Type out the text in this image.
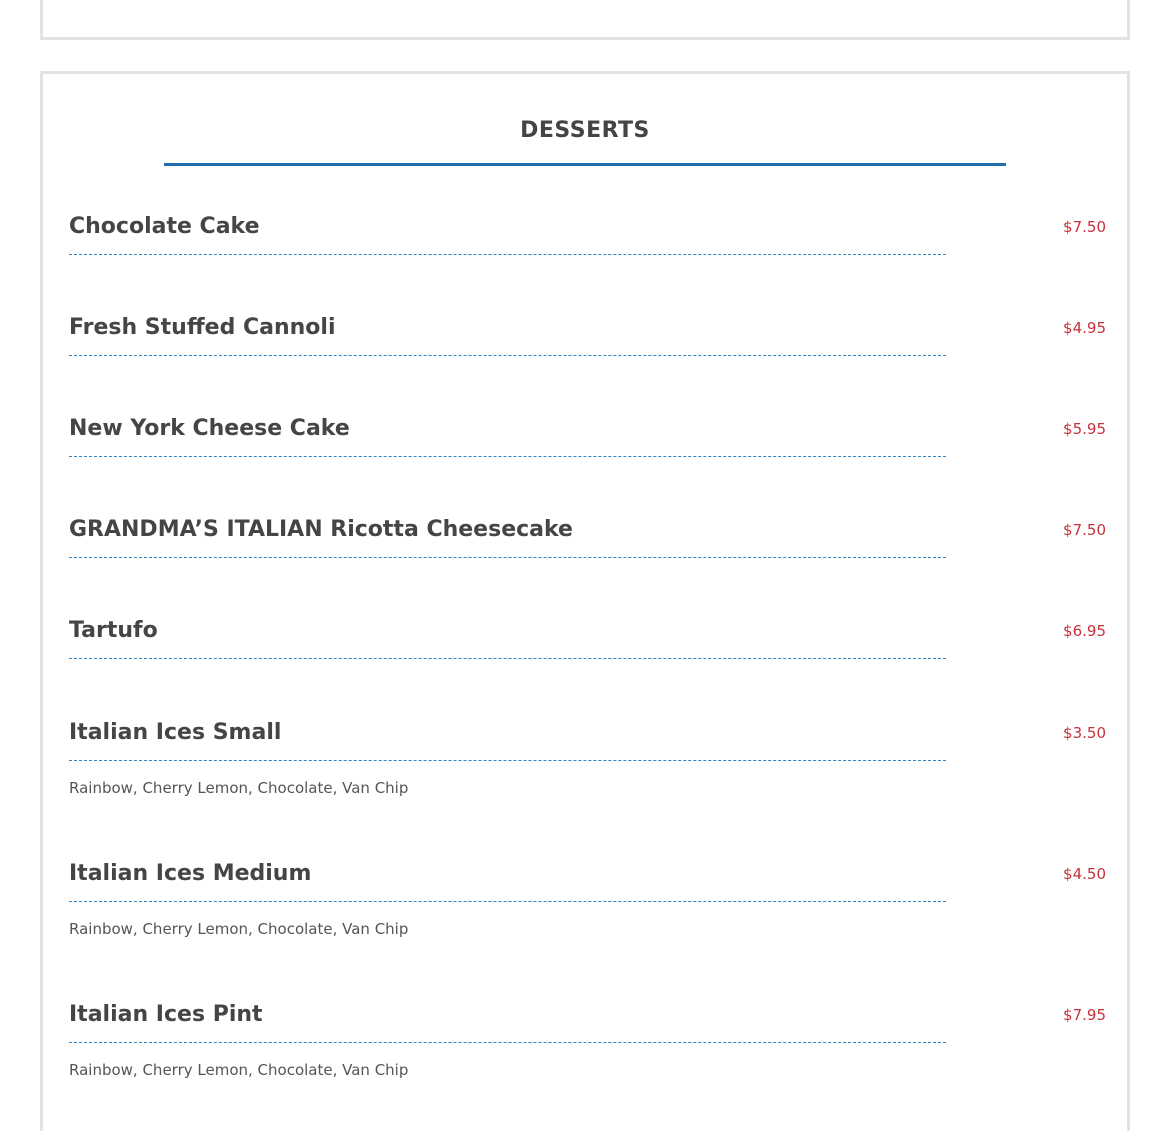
DESSERTS
Chocolate Cake	$7.50
Fresh Stuffed Cannoli	$4.95
New York Cheese Cake	$5.95
GRANDMA’S ITALIAN Ricotta Cheesecake	$7.50
Tartufo	$6.95
Italian Ices Small	$3.50
Rainbow, Cherry Lemon, Chocolate, Van Chip
Italian Ices Medium	$4.50
Rainbow, Cherry Lemon, Chocolate, Van Chip
Italian Ices Pint	$7.95
Rainbow, Cherry Lemon, Chocolate, Van Chip
